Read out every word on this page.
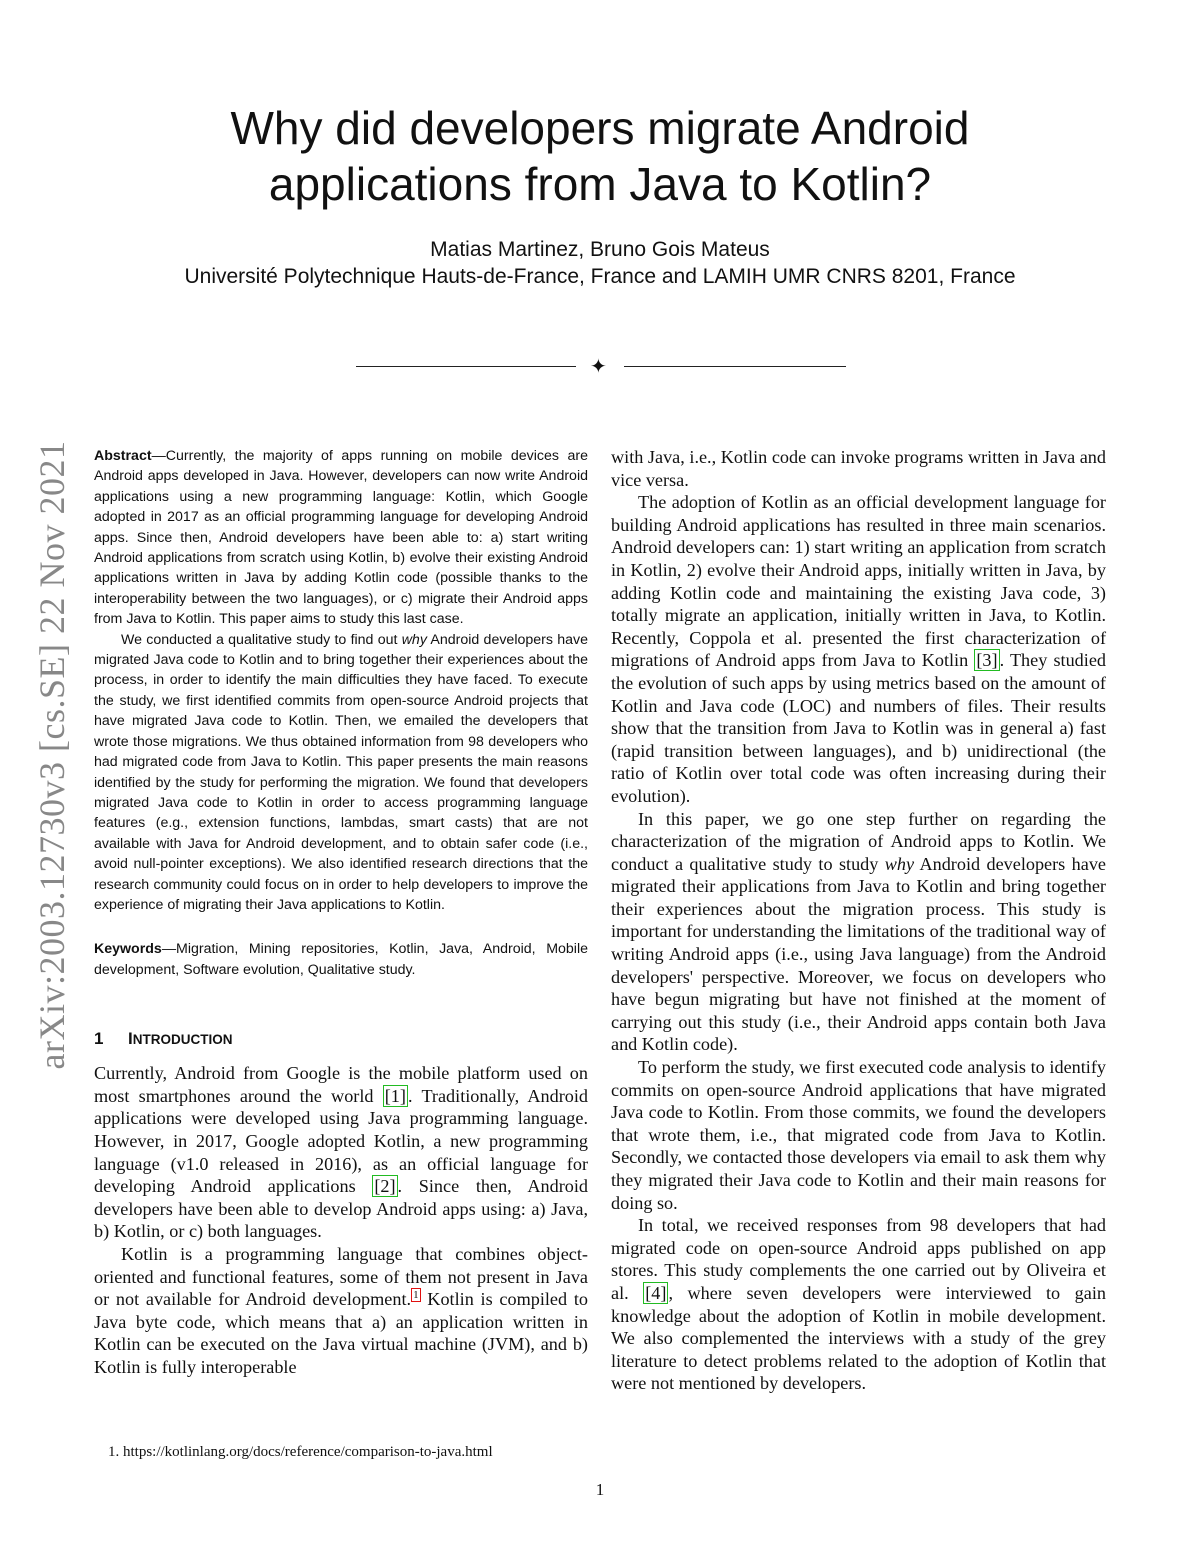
Why did developers migrate Android
applications from Java to Kotlin?
Matias Martinez, Bruno Gois Mateus
Université Polytechnique Hauts-de-France, France and LAMIH UMR CNRS 8201, France
✦
arXiv:2003.12730v3 [cs.SE] 22 Nov 2021 Abstract—Currently, the majority of apps running on mobile devices are Android apps developed in Java. However, developers can now write Android applications using a new programming language: Kotlin, which Google adopted in 2017 as an official programming language for developing Android apps. Since then, Android developers have been able to: a) start writing Android applications from scratch using Kotlin, b) evolve their existing Android applications written in Java by adding Kotlin code (possible thanks to the interoperability between the two languages), or c) migrate their Android apps from Java to Kotlin. This paper aims to study this last case.

We conducted a qualitative study to find out why Android developers have migrated Java code to Kotlin and to bring together their experiences about the process, in order to identify the main difficulties they have faced. To execute the study, we first identified commits from open-source Android projects that have migrated Java code to Kotlin. Then, we emailed the developers that wrote those migrations. We thus obtained information from 98 developers who had migrated code from Java to Kotlin. This paper presents the main reasons identified by the study for performing the migration. We found that developers migrated Java code to Kotlin in order to access programming language features (e.g., extension functions, lambdas, smart casts) that are not available with Java for Android development, and to obtain safer code (i.e., avoid null-pointer exceptions). We also identified research directions that the research community could focus on in order to help developers to improve the experience of migrating their Java applications to Kotlin.

Keywords—Migration, Mining repositories, Kotlin, Java, Android, Mobile development, Software evolution, Qualitative study.

1 INTRODUCTION

Currently, Android from Google is the mobile platform used on most smartphones around the world [1] . Traditionally, Android applications were developed using Java programming language. However, in 2017, Google adopted Kotlin, a new programming language (v1.0 released in 2016), as an official language for developing Android applications [2] . Since then, Android developers have been able to develop Android apps using: a) Java, b) Kotlin, or c) both languages.

Kotlin is a programming language that combines object-oriented and functional features, some of them not present in Java or not available for Android development. $^1$ Kotlin is compiled to Java byte code, which means that a) an application written in Kotlin can be executed on the Java virtual machine (JVM), and b) Kotlin is fully interoperable

1. https://kotlinlang.org/docs/reference/comparison-to-java.html

with Java, i.e., Kotlin code can invoke programs written in Java and vice versa.

The adoption of Kotlin as an official development language for building Android applications has resulted in three main scenarios. Android developers can: 1) start writing an application from scratch in Kotlin, 2) evolve their Android apps, initially written in Java, by adding Kotlin code and maintaining the existing Java code, 3) totally migrate an application, initially written in Java, to Kotlin. Recently, Coppola et al. presented the first characterization of migrations of Android apps from Java to Kotlin [3] . They studied the evolution of such apps by using metrics based on the amount of Kotlin and Java code (LOC) and numbers of files. Their results show that the transition from Java to Kotlin was in general a) fast (rapid transition between languages), and b) unidirectional (the ratio of Kotlin over total code was often increasing during their evolution).

In this paper, we go one step further on regarding the characterization of the migration of Android apps to Kotlin. We conduct a qualitative study to study why Android developers have migrated their applications from Java to Kotlin and bring together their experiences about the migration process. This study is important for understanding the limitations of the traditional way of writing Android apps (i.e., using Java language) from the Android developers' perspective. Moreover, we focus on developers who have begun migrating but have not finished at the moment of carrying out this study (i.e., their Android apps contain both Java and Kotlin code).

To perform the study, we first executed code analysis to identify commits on open-source Android applications that have migrated Java code to Kotlin. From those commits, we found the developers that wrote them, i.e., that migrated code from Java to Kotlin. Secondly, we contacted those developers via email to ask them why they migrated their Java code to Kotlin and their main reasons for doing so.

In total, we received responses from 98 developers that had migrated code on open-source Android apps published on app stores. This study complements the one carried out by Oliveira et al. [4] , where seven developers were interviewed to gain knowledge about the adoption of Kotlin in mobile development. We also complemented the interviews with a study of the grey literature to detect problems related to the adoption of Kotlin that were not mentioned by developers.

1
